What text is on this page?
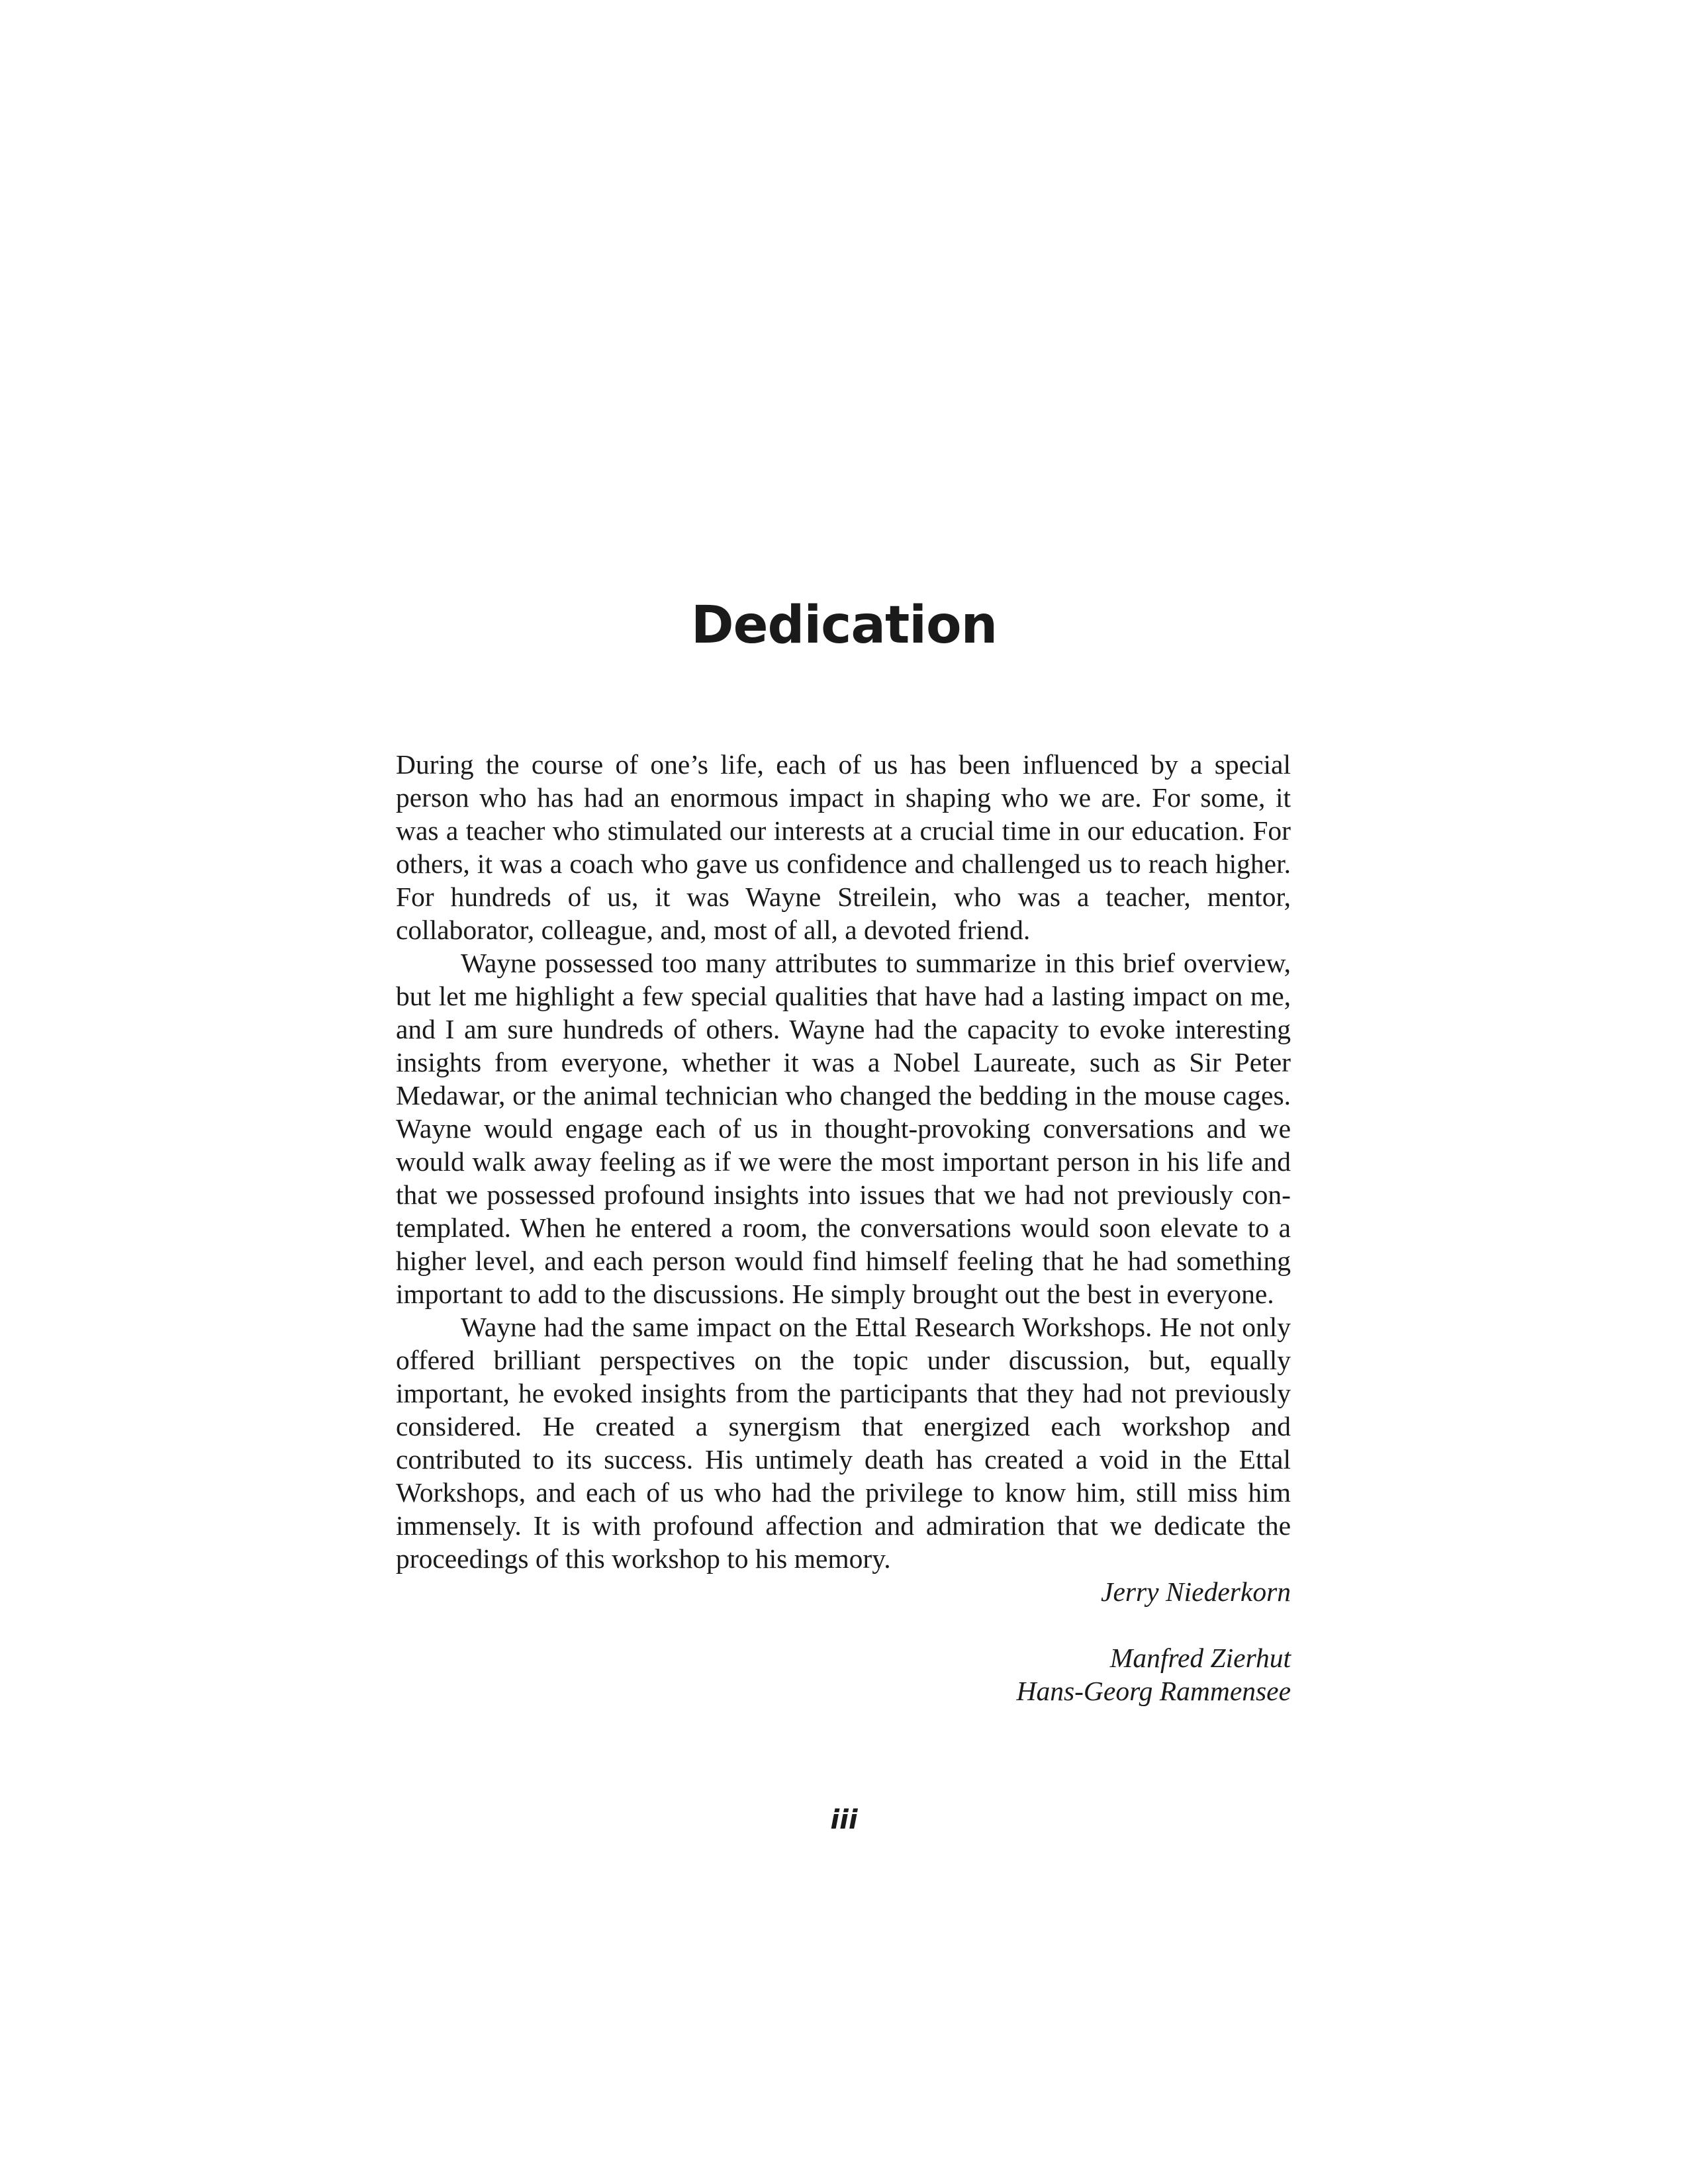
Dedication

During the course of one’s life, each of us has been influenced by a special person who has had an enormous impact in shaping who we are. For some, it was a teacher who stimulated our interests at a crucial time in our education. For others, it was a coach who gave us confidence and challenged us to reach higher. For hundreds of us, it was Wayne Streilein, who was a teacher, mentor, collaborator, colleague, and, most of all, a devoted friend.

Wayne possessed too many attributes to summarize in this brief overview, but let me highlight a few special qualities that have had a lasting impact on me, and I am sure hundreds of others. Wayne had the capacity to evoke interesting insights from everyone, whether it was a Nobel Laureate, such as Sir Peter Medawar, or the animal technician who changed the bedding in the mouse cages. Wayne would engage each of us in thought-provoking conversations and we would walk away feeling as if we were the most important person in his life and that we possessed profound insights into issues that we had not previously contemplated. When he entered a room, the conversations would soon elevate to a higher level, and each person would find himself feeling that he had something important to add to the discussions. He simply brought out the best in everyone.

Wayne had the same impact on the Ettal Research Workshops. He not only offered brilliant perspectives on the topic under discussion, but, equally important, he evoked insights from the participants that they had not previously considered. He created a synergism that energized each workshop and contributed to its success. His untimely death has created a void in the Ettal Workshops, and each of us who had the privilege to know him, still miss him immensely. It is with profound affection and admiration that we dedicate the proceedings of this workshop to his memory.

Jerry Niederkorn
Manfred Zierhut
Hans-Georg Rammensee
iii
